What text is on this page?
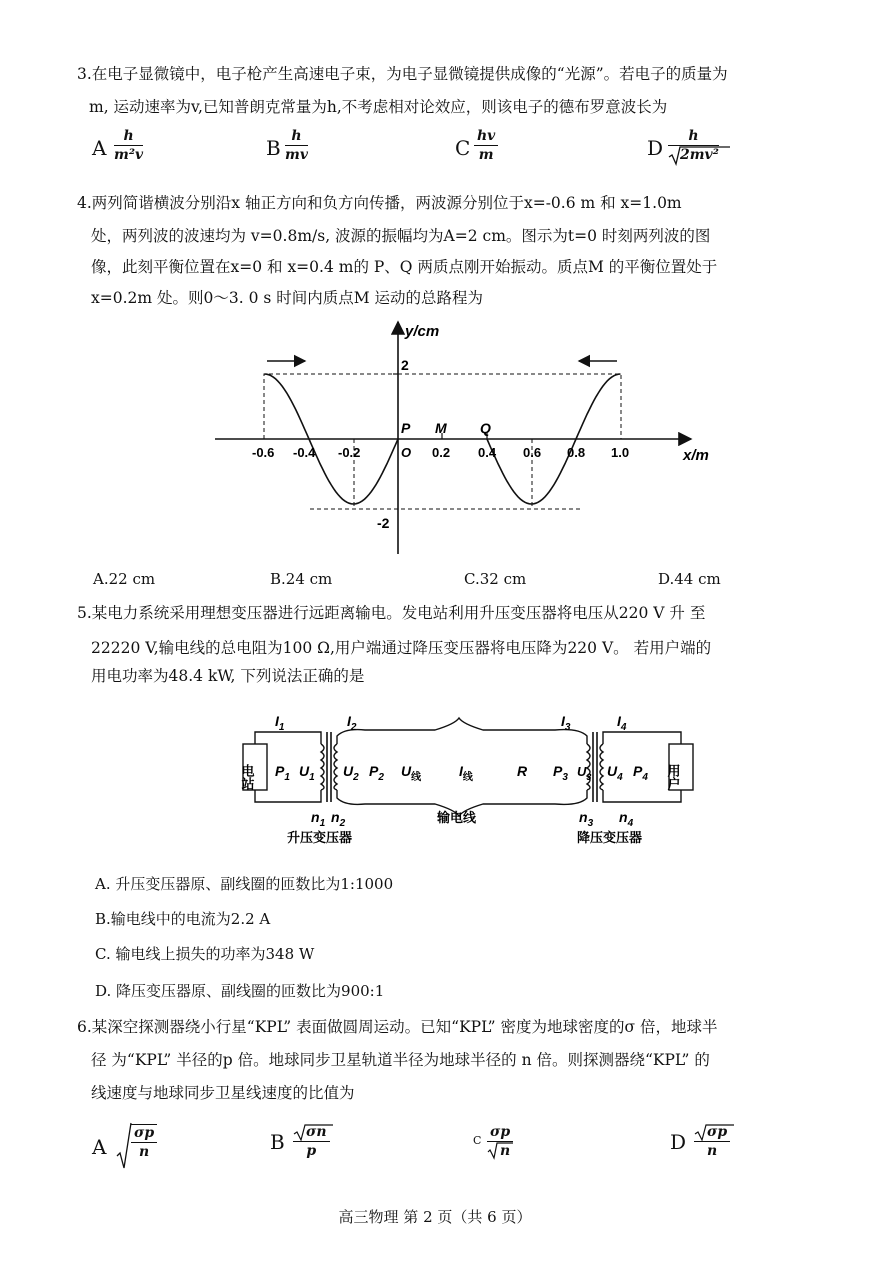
3.在电子显微镜中，电子枪产生高速电子束，为电子显微镜提供成像的“光源”。若电子的质量为
m, 运动速率为v,已知普朗克常量为h,不考虑相对论效应，则该电子的德布罗意波长为
A $\frac{h}{\text{m²v}}$	B $\frac{h}{mv}$	C $\frac{hv}{m}$	D $\frac{h}{\text{2mv²}}$
4.两列简谐横波分别沿x 轴正方向和负方向传播，两波源分别位于x=-0.6 m 和 x=1.0m
处，两列波的波速均为 v=0.8m/s, 波源的振幅均为A=2 cm。图示为t=0 时刻两列波的图
像，此刻平衡位置在x=0 和 x=0.4 m的 P、Q 两质点刚开始振动。质点M 的平衡位置处于
x=0.2m 处。则0～3. 0 s 时间内质点M 运动的总路程为
y/cm
x/m
-0.6 -0.4 -0.2	O 0.2 0.4 0.6 0.8 1.0
2
-2
P M Q
A.22 cm	B.24 cm	C.32 cm	D.44 cm
5.某电力系统采用理想变压器进行远距离输电。发电站利用升压变压器将电压从220 V 升 至
22220 V,输电线的总电阻为100 Ω,用户端通过降压变压器将电压降为220 V。 若用户端的
用电功率为48.4 kW, 下列说法正确的是
电站	用户
$I_1$	$I_2$	$I_3$	$I_4$
$P_1$ $U_1$ $U_2$ $P_2$ $U_线$	$I_线$	R $P_3$ $U_3$ $U_4$ $P_4$
$n_1$ $n_2$	$n_3$ $n_4$
升压变压器
输电线
降压变压器
A. 升压变压器原、副线圈的匝数比为1:1000
B.输电线中的电流为2.2 A
C. 输电线上损失的功率为348 W
D. 降压变压器原、副线圈的匝数比为900:1
6.某深空探测器绕小行星“KPL” 表面做圆周运动。已知“KPL” 密度为地球密度的σ 倍，地球半
径 为“KPL” 半径的p 倍。地球同步卫星轨道半径为地球半径的 n 倍。则探测器绕“KPL” 的
线速度与地球同步卫星线速度的比值为
A $\frac{\sigma p}{n}$	B $\frac{\sigma n}{p}$	C $\frac{\sigma p}{n}$	D $\frac{\sigma p}{n}$
高三物理 第 2 页（共 6 页）
